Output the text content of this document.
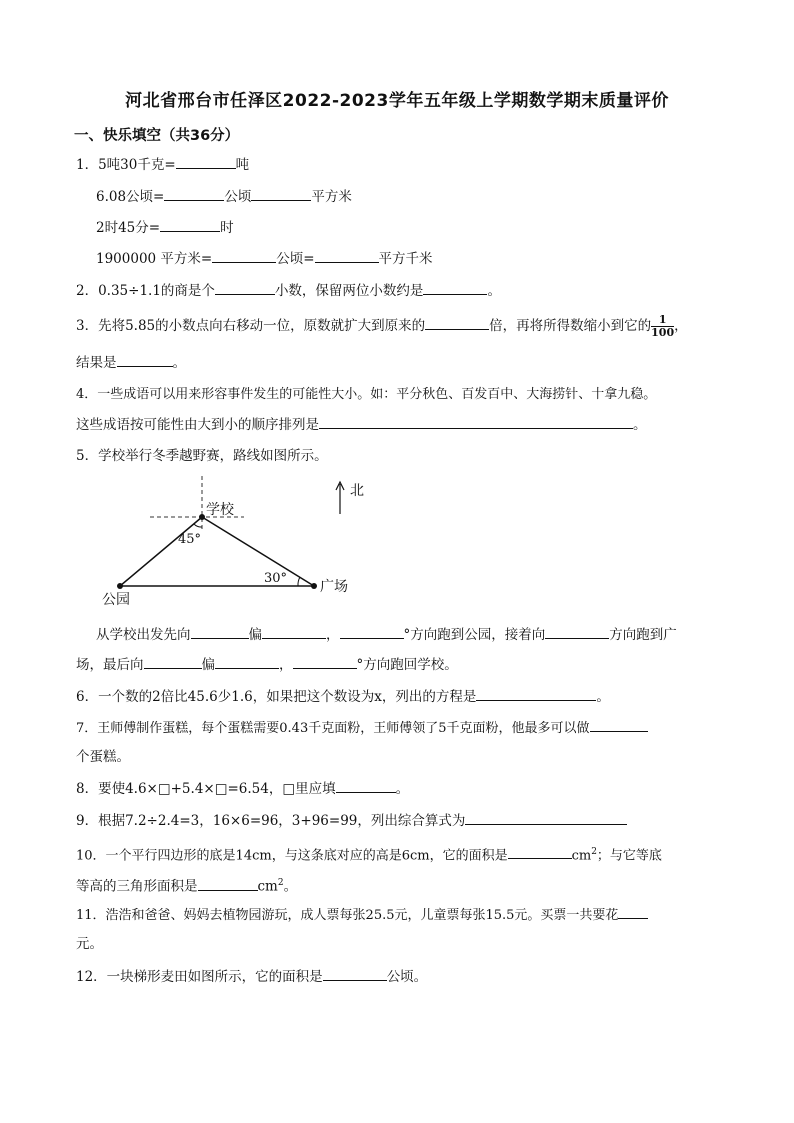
河北省邢台市任泽区2022-2023学年五年级上学期数学期末质量评价
一、快乐填空（共36分）
1．5吨30千克=	吨
6.08公顷=	公顷	平方米
2时45分=	时
1900000 平方米=	公顷=	平方千米
2．0.35÷1.1的商是个	小数，保留两位小数约是	。
3．先将5.85的小数点向右移动一位，原数就扩大到原来的	倍，再将所得数缩小到它的 $\frac{1}{100}$ ，
结果是	。
4．一些成语可以用来形容事件发生的可能性大小。如：平分秋色、百发百中、大海捞针、十拿九稳。
这些成语按可能性由大到小的顺序排列是	。
5．学校举行冬季越野赛，路线如图所示。
学校
公园
广场
45°
30°
北
从学校出发先向	偏	，	°方向跑到公园，接着向	方向跑到广
场，最后向	偏	，	°方向跑回学校。
6．一个数的2倍比45.6少1.6，如果把这个数设为x，列出的方程是	。
7．王师傅制作蛋糕，每个蛋糕需要0.43千克面粉，王师傅领了5千克面粉，他最多可以做
个蛋糕。
8．要使4.6×□+5.4×□=6.54，□里应填	。
9．根据7.2÷2.4=3，16×6=96，3+96=99，列出综合算式为
10．一个平行四边形的底是14cm，与这条底对应的高是6cm，它的面积是	$cm^2$；与它等底
等高的三角形面积是	$cm^2$。
11．浩浩和爸爸、妈妈去植物园游玩，成人票每张25.5元，儿童票每张15.5元。买票一共要花
元。
12．一块梯形麦田如图所示，它的面积是	公顷。
